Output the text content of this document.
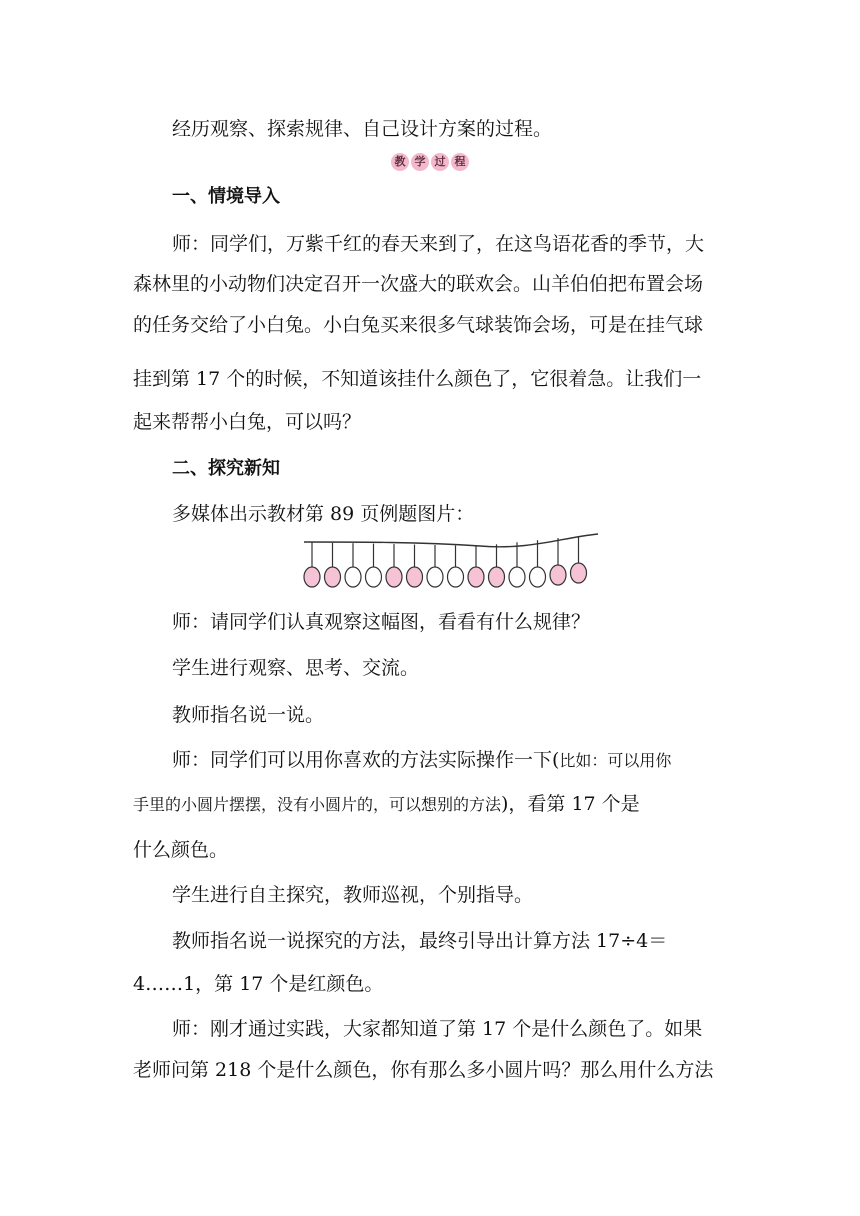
经历观察、探索规律、自己设计方案的过程。
教 学 过 程
一、情境导入
师：同学们，万紫千红的春天来到了，在这鸟语花香的季节，大
森林里的小动物们决定召开一次盛大的联欢会。山羊伯伯把布置会场
的任务交给了小白兔。小白兔买来很多气球装饰会场，可是在挂气球
挂到第 17 个的时候，不知道该挂什么颜色了，它很着急。让我们一
起来帮帮小白兔，可以吗？
二、探究新知
多媒体出示教材第 89 页例题图片：
师：请同学们认真观察这幅图，看看有什么规律？
学生进行观察、思考、交流。
教师指名说一说。
师：同学们可以用你喜欢的方法实际操作一下(比如：可以用你
手里的小圆片摆摆，没有小圆片的，可以想别的方法)，看第 17 个是
什么颜色。
学生进行自主探究，教师巡视，个别指导。
教师指名说一说探究的方法，最终引导出计算方法 17÷4＝
4……1，第 17 个是红颜色。
师：刚才通过实践，大家都知道了第 17 个是什么颜色了。如果
老师问第 218 个是什么颜色，你有那么多小圆片吗？那么用什么方法
